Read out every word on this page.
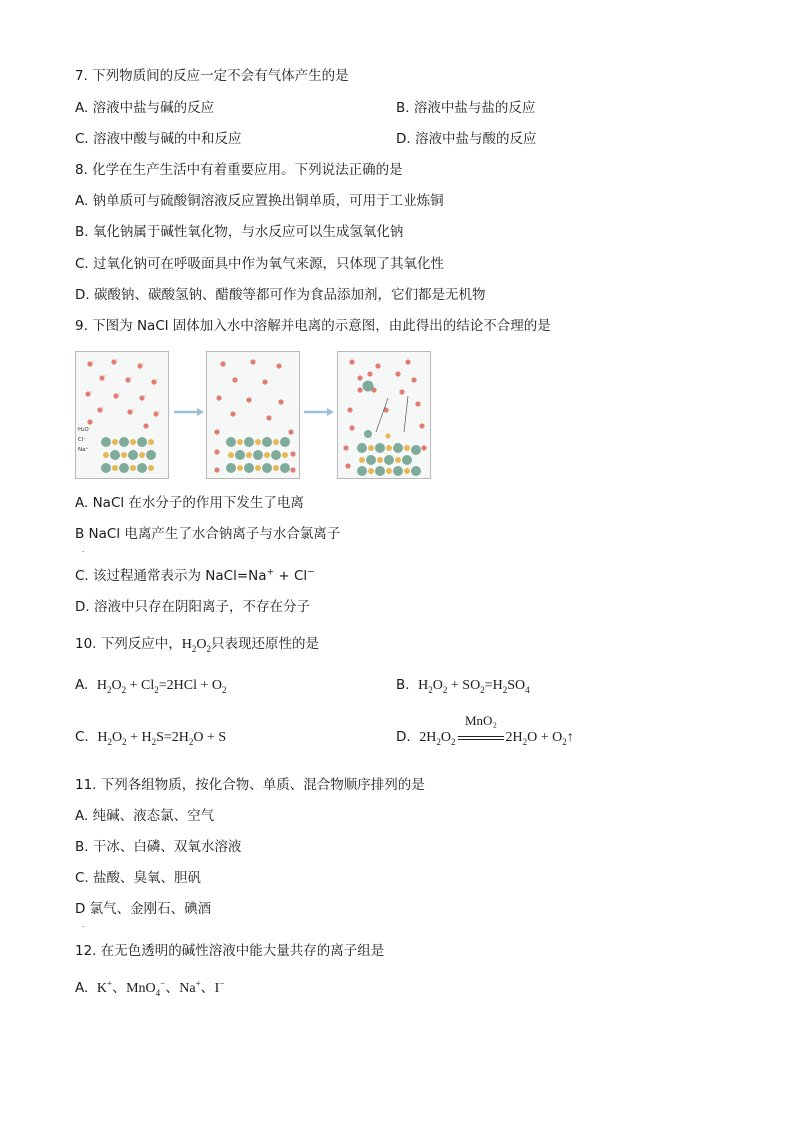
7. 下列物质间的反应一定不会有气体产生的是
A. 溶液中盐与碱的反应	B. 溶液中盐与盐的反应
C. 溶液中酸与碱的中和反应	D. 溶液中盐与酸的反应
8. 化学在生产生活中有着重要应用。下列说法正确的是
A. 钠单质可与硫酸铜溶液反应置换出铜单质，可用于工业炼铜
B. 氧化钠属于碱性氧化物，与水反应可以生成氢氧化钠
C. 过氧化钠可在呼吸面具中作为氧气来源，只体现了其氧化性
D. 碳酸钠、碳酸氢钠、醋酸等都可作为食品添加剂，它们都是无机物
9. 下图为 NaCl 固体加入水中溶解并电离的示意图，由此得出的结论不合理的是
H₂O
Cl⁻
Na⁺
A. NaCl 在水分子的作用下发生了电离
B NaCl 电离产生了水合钠离子与水合氯离子
.
C. 该过程通常表示为 NaCl=Na+ + Cl−
D. 溶液中只存在阴阳离子，不存在分子
10. 下列反应中，$H_2O_2$只表现还原性的是
A. $H_2O_2 + Cl_2=2HCl + O_2$	B. $H_2O_2 + SO_2=H_2SO_4$
C. $H_2O_2 + H_2S=2H_2O + S$
MnO₂
D. $2H_2O_2$	$2H_2O$ + $O_2↑$
11. 下列各组物质，按化合物、单质、混合物顺序排列的是
A. 纯碱、液态氯、空气
B. 干冰、白磷、双氧水溶液
C. 盐酸、臭氧、胆矾
D 氯气、金刚石、碘酒
.
12. 在无色透明的碱性溶液中能大量共存的离子组是
A. K+、MnO$_4$−、Na+、I−
